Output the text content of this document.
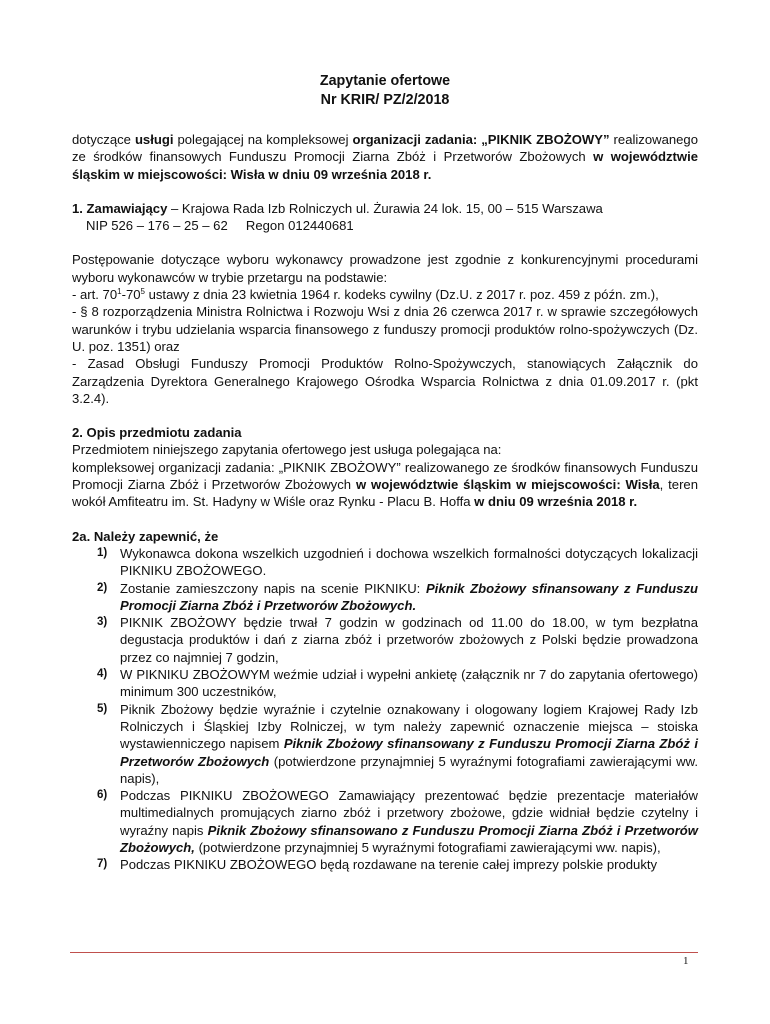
Zapytanie ofertowe
Nr KRIR/ PZ/2/2018

dotyczące usługi polegającej na kompleksowej organizacji zadania: „PIKNIK ZBOŻOWY” realizowanego ze środków finansowych Funduszu Promocji Ziarna Zbóż i Przetworów Zbożowych w województwie śląskim w miejscowości: Wisła w dniu 09 września 2018 r.

1. Zamawiający – Krajowa Rada Izb Rolniczych ul. Żurawia 24 lok. 15, 00 – 515 Warszawa
NIP 526 – 176 – 25 – 62     Regon 012440681

Postępowanie dotyczące wyboru wykonawcy prowadzone jest zgodnie z konkurencyjnymi procedurami wyboru wykonawców w trybie przetargu na podstawie:

- art. $70^1-70^5$ ustawy z dnia 23 kwietnia 1964 r. kodeks cywilny (Dz.U. z 2017 r. poz. 459 z późn. zm.),

- § 8 rozporządzenia Ministra Rolnictwa i Rozwoju Wsi z dnia 26 czerwca 2017 r. w sprawie szczegółowych warunków i trybu udzielania wsparcia finansowego z funduszy promocji produktów rolno-spożywczych (Dz. U. poz. 1351) oraz

- Zasad Obsługi Funduszy Promocji Produktów Rolno-Spożywczych, stanowiących Załącznik do Zarządzenia Dyrektora Generalnego Krajowego Ośrodka Wsparcia Rolnictwa z dnia 01.09.2017 r. (pkt 3.2.4).

2. Opis przedmiotu zadania
Przedmiotem niniejszego zapytania ofertowego jest usługa polegająca na:

kompleksowej organizacji zadania: „PIKNIK ZBOŻOWY” realizowanego ze środków finansowych Funduszu Promocji Ziarna Zbóż i Przetworów Zbożowych w województwie śląskim w miejscowości: Wisła, teren wokół Amfiteatru im. St. Hadyny w Wiśle oraz Rynku - Placu B. Hoffa w dniu 09 września 2018 r.

2a. Należy zapewnić, że
1) Wykonawca dokona wszelkich uzgodnień i dochowa wszelkich formalności dotyczących lokalizacji PIKNIKU ZBOŻOWEGO.
2) Zostanie zamieszczony napis na scenie PIKNIKU: Piknik Zbożowy sfinansowany z Funduszu Promocji Ziarna Zbóż i Przetworów Zbożowych.
3) PIKNIK ZBOŻOWY będzie trwał 7 godzin w godzinach od 11.00 do 18.00, w tym bezpłatna degustacja produktów i dań z ziarna zbóż i przetworów zbożowych z Polski będzie prowadzona przez co najmniej 7 godzin,
4) W PIKNIKU ZBOŻOWYM weźmie udział i wypełni ankietę (załącznik nr 7 do zapytania ofertowego) minimum 300 uczestników,
5) Piknik Zbożowy będzie wyraźnie i czytelnie oznakowany i ologowany logiem Krajowej Rady Izb Rolniczych i Śląskiej Izby Rolniczej, w tym należy zapewnić oznaczenie miejsca – stoiska wystawienniczego napisem Piknik Zbożowy sfinansowany z Funduszu Promocji Ziarna Zbóż i Przetworów Zbożowych (potwierdzone przynajmniej 5 wyraźnymi fotografiami zawierającymi ww. napis),
6) Podczas PIKNIKU ZBOŻOWEGO Zamawiający prezentować będzie prezentacje materiałów multimedialnych promujących ziarno zbóż i przetwory zbożowe, gdzie widniał będzie czytelny i wyraźny napis Piknik Zbożowy sfinansowano z Funduszu Promocji Ziarna Zbóż i Przetworów Zbożowych, (potwierdzone przynajmniej 5 wyraźnymi fotografiami zawierającymi ww. napis),
7) Podczas PIKNIKU ZBOŻOWEGO będą rozdawane na terenie całej imprezy polskie produkty
1
